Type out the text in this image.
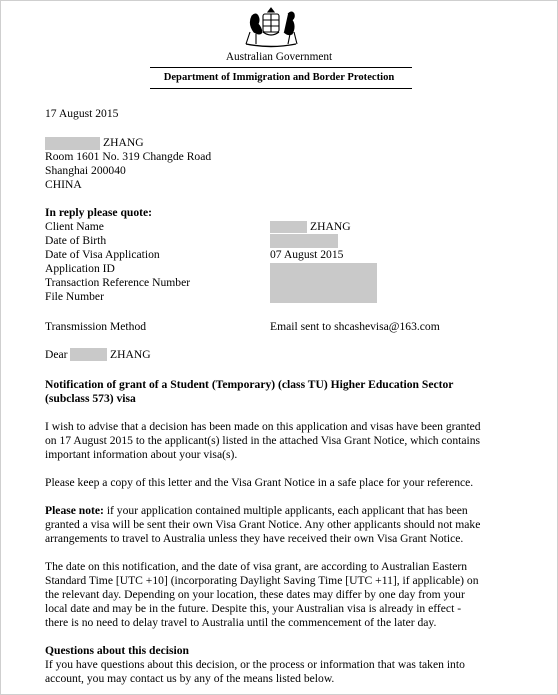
Australian Government
Department of Immigration and Border Protection
17 August 2015
ZHANG
Room 1601 No. 319 Changde Road
Shanghai 200040
CHINA
In reply please quote:
Client Name	ZHANG
Date of Birth
Date of Visa Application	07 August 2015
Application ID
Transaction Reference Number
File Number
Transmission Method	Email sent to shcashevisa@163.com
Dear	ZHANG
Notification of grant of a Student (Temporary) (class TU) Higher Education Sector
(subclass 573) visa
I wish to advise that a decision has been made on this application and visas have been granted
on 17 August 2015 to the applicant(s) listed in the attached Visa Grant Notice, which contains
important information about your visa(s).
Please keep a copy of this letter and the Visa Grant Notice in a safe place for your reference.
Please note: if your application contained multiple applicants, each applicant that has been
granted a visa will be sent their own Visa Grant Notice. Any other applicants should not make
arrangements to travel to Australia unless they have received their own Visa Grant Notice.
The date on this notification, and the date of visa grant, are according to Australian Eastern
Standard Time [UTC +10] (incorporating Daylight Saving Time [UTC +11], if applicable) on
the relevant day. Depending on your location, these dates may differ by one day from your
local date and may be in the future. Despite this, your Australian visa is already in effect -
there is no need to delay travel to Australia until the commencement of the later day.
Questions about this decision
If you have questions about this decision, or the process or information that was taken into
account, you may contact us by any of the means listed below.
